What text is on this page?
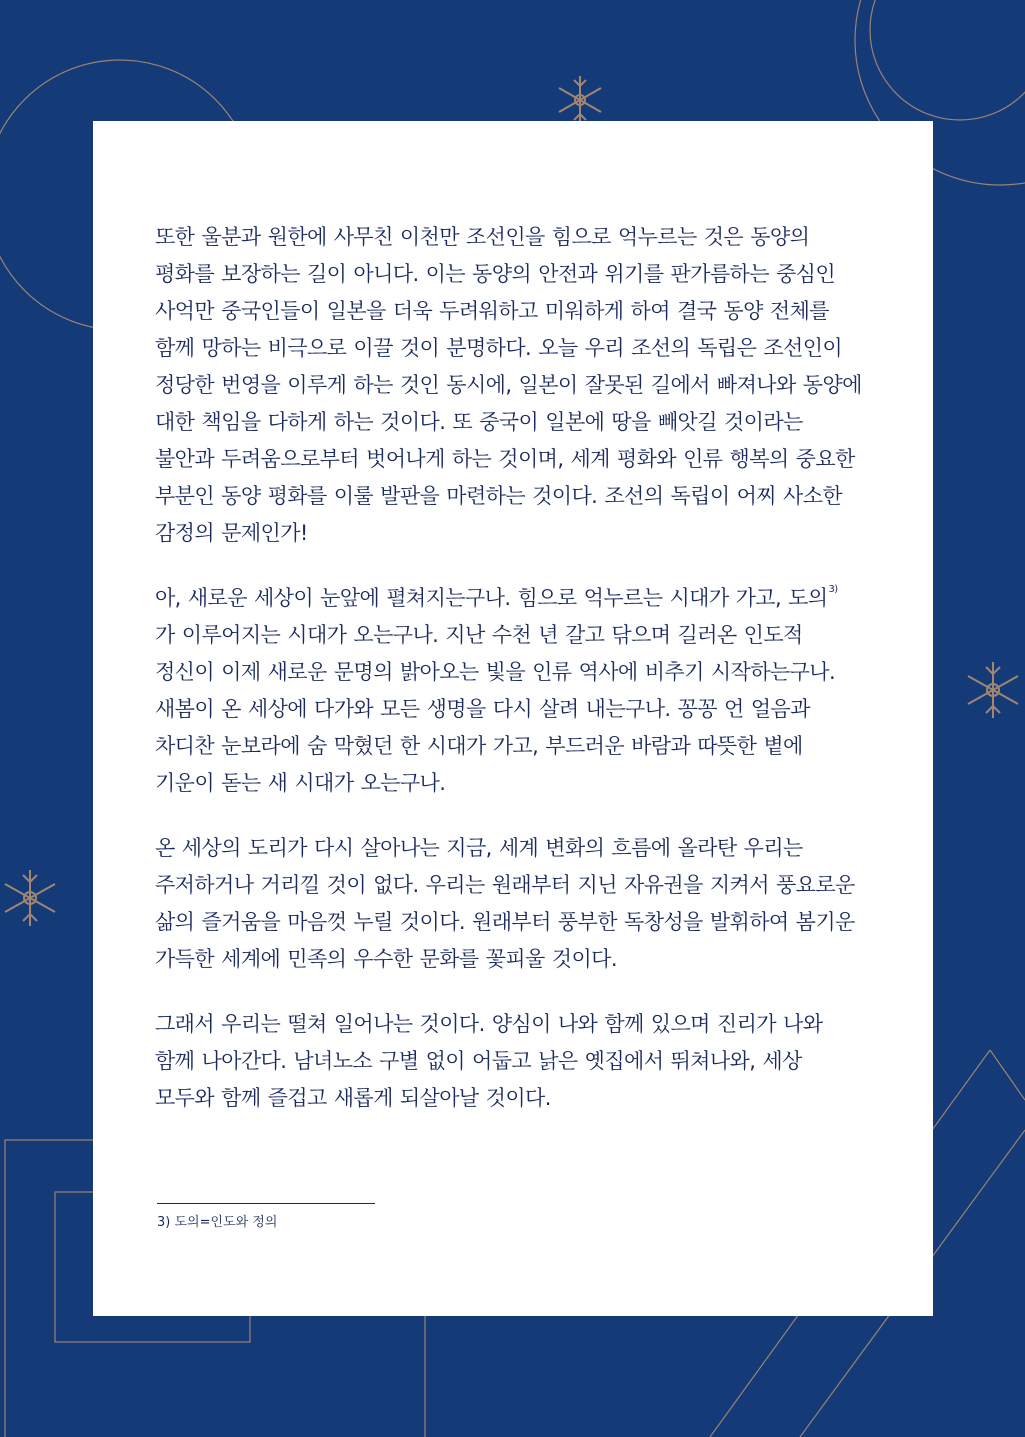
또한 울분과 원한에 사무친 이천만 조선인을 힘으로 억누르는 것은 동양의
평화를 보장하는 길이 아니다. 이는 동양의 안전과 위기를 판가름하는 중심인
사억만 중국인들이 일본을 더욱 두려워하고 미워하게 하여 결국 동양 전체를
함께 망하는 비극으로 이끌 것이 분명하다. 오늘 우리 조선의 독립은 조선인이
정당한 번영을 이루게 하는 것인 동시에, 일본이 잘못된 길에서 빠져나와 동양에
대한 책임을 다하게 하는 것이다. 또 중국이 일본에 땅을 빼앗길 것이라는
불안과 두려움으로부터 벗어나게 하는 것이며, 세계 평화와 인류 행복의 중요한
부분인 동양 평화를 이룰 발판을 마련하는 것이다. 조선의 독립이 어찌 사소한
감정의 문제인가!

아, 새로운 세상이 눈앞에 펼쳐지는구나. 힘으로 억누르는 시대가 가고, 도의$^{3)}$
가 이루어지는 시대가 오는구나. 지난 수천 년 갈고 닦으며 길러온 인도적
정신이 이제 새로운 문명의 밝아오는 빛을 인류 역사에 비추기 시작하는구나.
새봄이 온 세상에 다가와 모든 생명을 다시 살려 내는구나. 꽁꽁 언 얼음과
차디찬 눈보라에 숨 막혔던 한 시대가 가고, 부드러운 바람과 따뜻한 볕에
기운이 돋는 새 시대가 오는구나.

온 세상의 도리가 다시 살아나는 지금, 세계 변화의 흐름에 올라탄 우리는
주저하거나 거리낄 것이 없다. 우리는 원래부터 지닌 자유권을 지켜서 풍요로운
삶의 즐거움을 마음껏 누릴 것이다. 원래부터 풍부한 독창성을 발휘하여 봄기운
가득한 세계에 민족의 우수한 문화를 꽃피울 것이다.

그래서 우리는 떨쳐 일어나는 것이다. 양심이 나와 함께 있으며 진리가 나와
함께 나아간다. 남녀노소 구별 없이 어둡고 낡은 옛집에서 뛰쳐나와, 세상
모두와 함께 즐겁고 새롭게 되살아날 것이다.

3) 도의=인도와 정의
